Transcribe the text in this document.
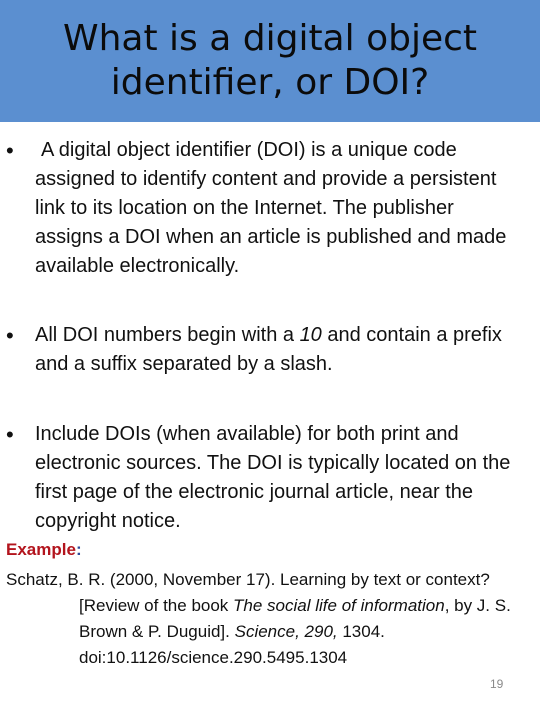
What is a digital object identifier, or DOI?
•	A digital object identifier (DOI) is a unique code assigned to identify content and provide a persistent link to its location on the Internet. The publisher assigns a DOI when an article is published and made available electronically.
• All DOI numbers begin with a 10 and contain a prefix and a suffix separated by a slash.
• Include DOIs (when available) for both print and electronic sources. The DOI is typically located on the first page of the electronic journal article, near the copyright notice.
Example:
Schatz, B. R. (2000, November 17). Learning by text or context?
[Review of the book The social life of information, by J. S. Brown & P. Duguid]. Science, 290, 1304. doi:10.1126/science.290.5495.1304
19
